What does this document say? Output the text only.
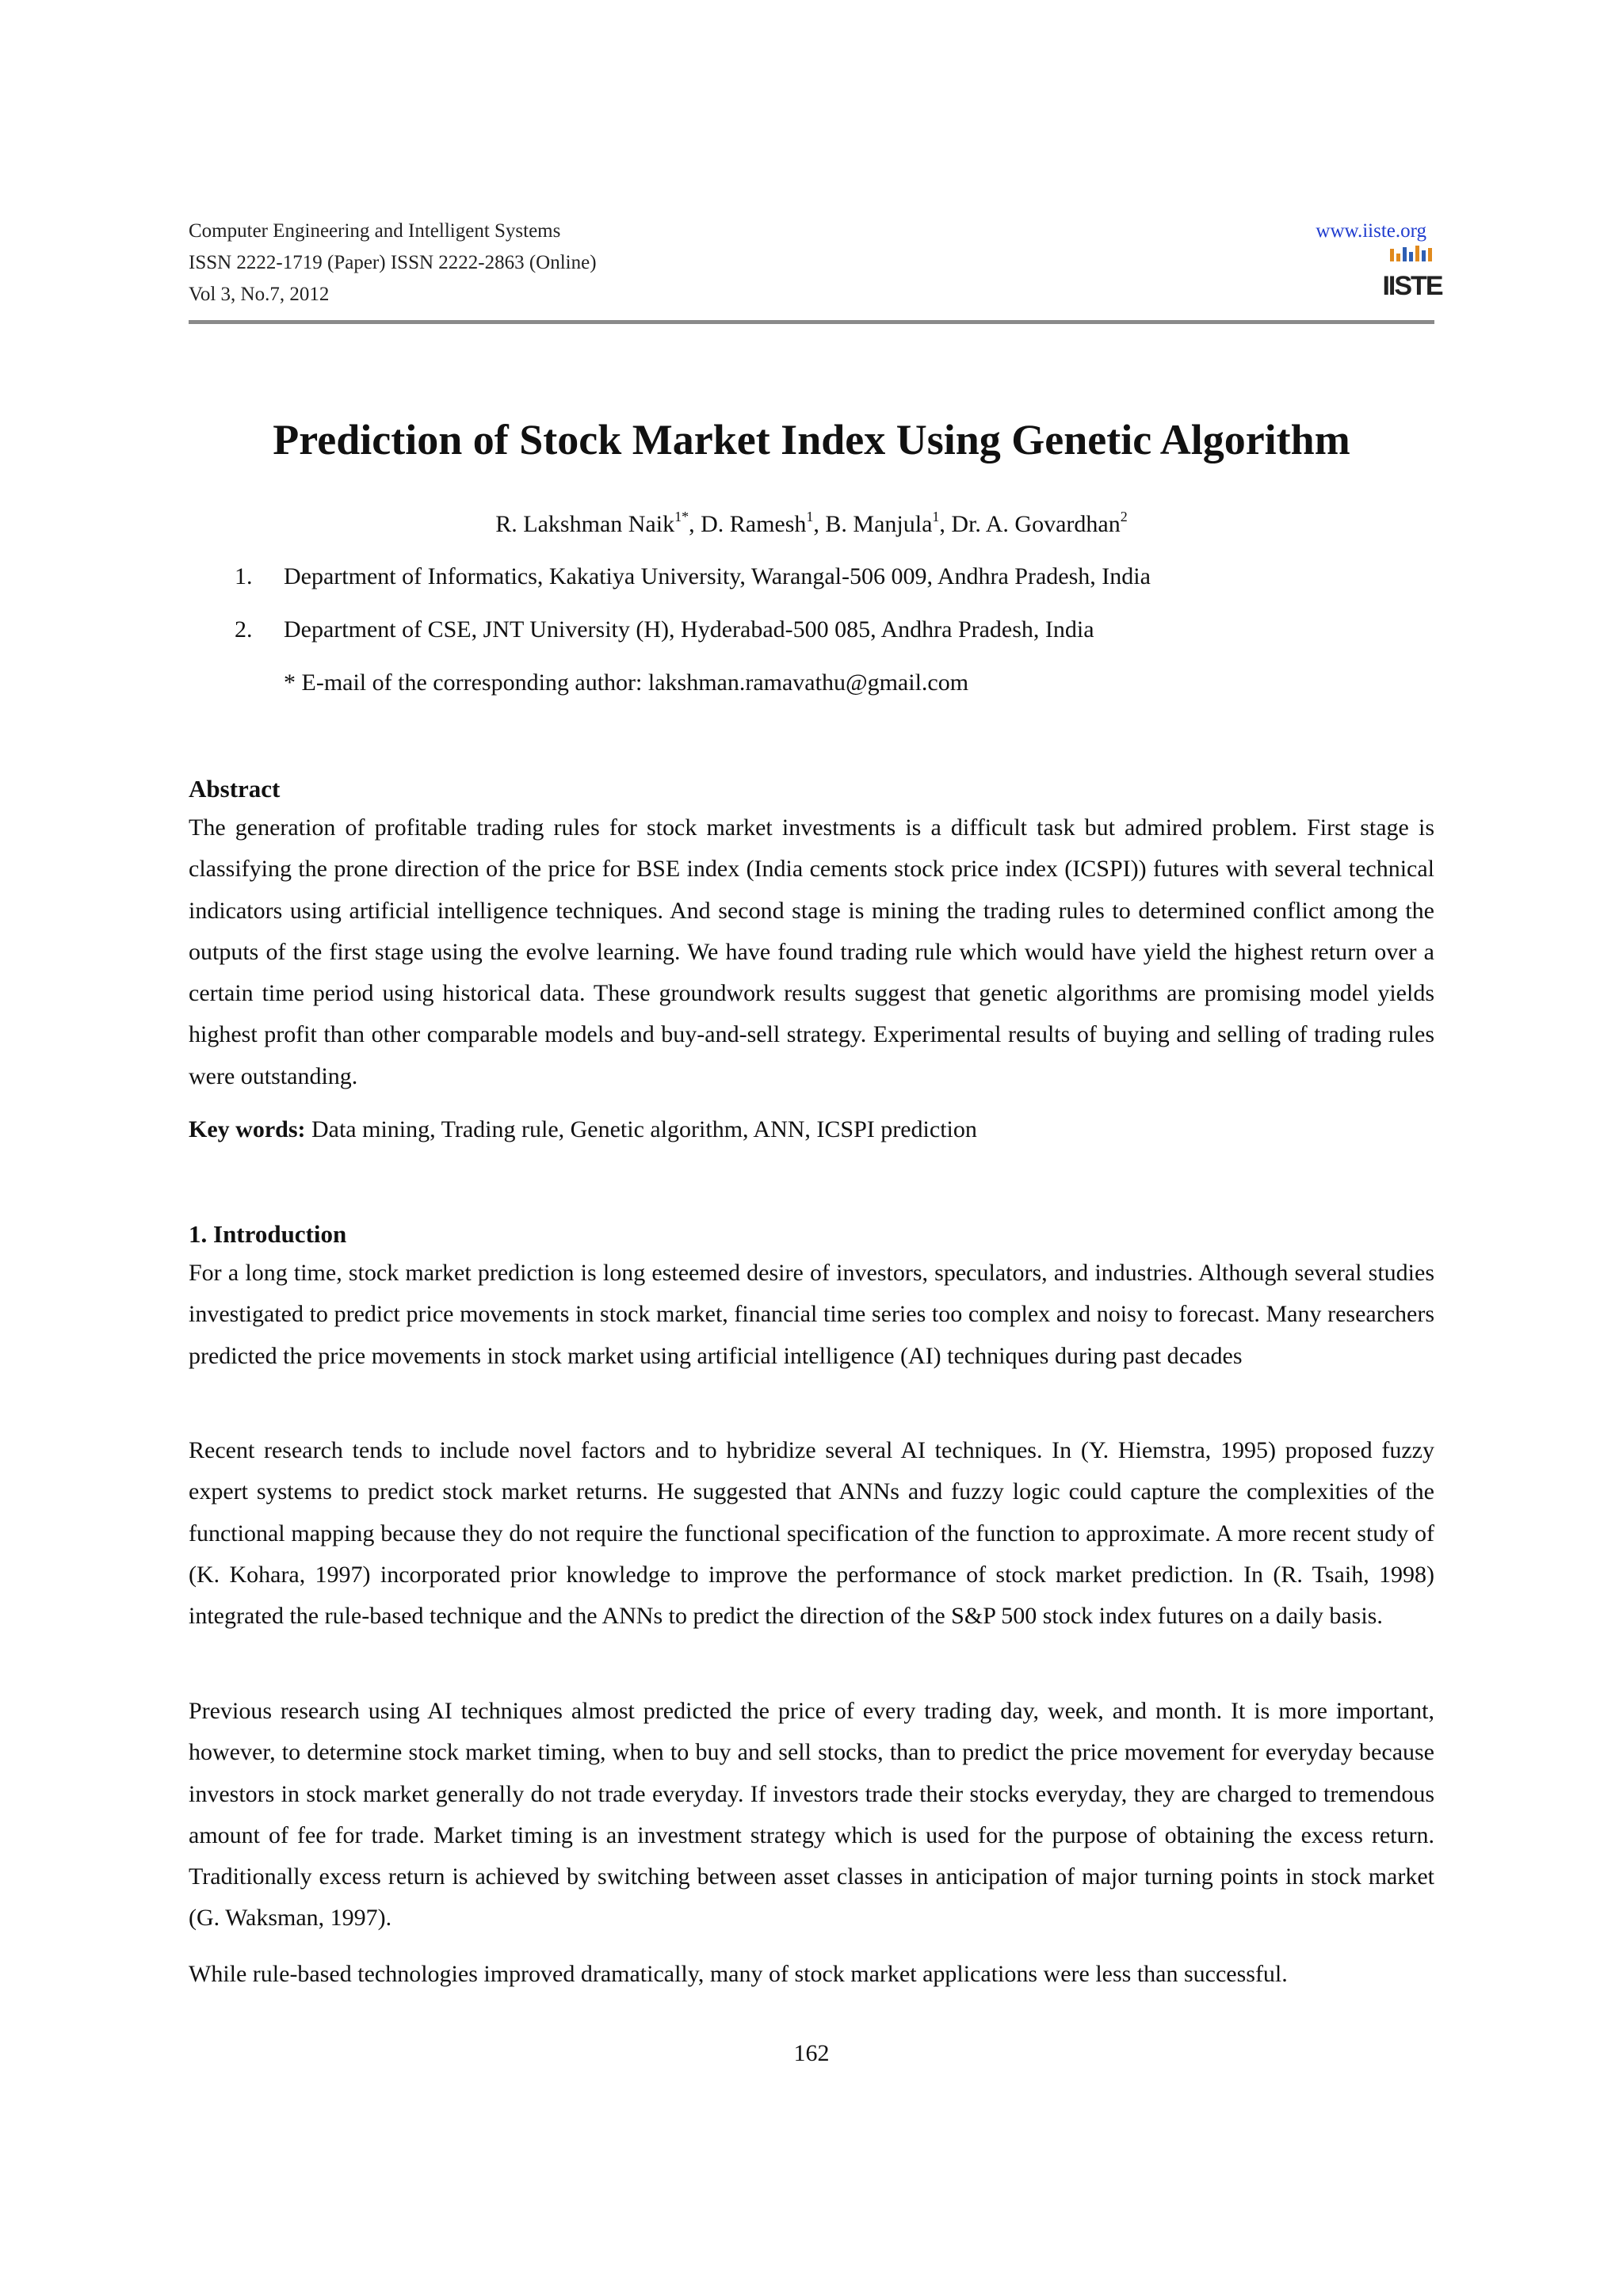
Computer Engineering and Intelligent Systems
ISSN 2222-1719 (Paper) ISSN 2222-2863 (Online)
Vol 3, No.7, 2012
www.iiste.org
IISTE
Prediction of Stock Market Index Using Genetic Algorithm
R. Lakshman Naik$^{1*}$, D. Ramesh$^1$, B. Manjula$^1$, Dr. A. Govardhan$^2$
1. Department of Informatics, Kakatiya University, Warangal-506 009, Andhra Pradesh, India
2. Department of CSE, JNT University (H), Hyderabad-500 085, Andhra Pradesh, India
* E-mail of the corresponding author: lakshman.ramavathu@gmail.com
Abstract

The generation of profitable trading rules for stock market investments is a difficult task but admired problem. First stage is classifying the prone direction of the price for BSE index (India cements stock price index (ICSPI)) futures with several technical indicators using artificial intelligence techniques. And second stage is mining the trading rules to determined conflict among the outputs of the first stage using the evolve learning. We have found trading rule which would have yield the highest return over a certain time period using historical data. These groundwork results suggest that genetic algorithms are promising model yields highest profit than other comparable models and buy-and-sell strategy. Experimental results of buying and selling of trading rules were outstanding.

Key words: Data mining, Trading rule, Genetic algorithm, ANN, ICSPI prediction
1. Introduction

For a long time, stock market prediction is long esteemed desire of investors, speculators, and industries. Although several studies investigated to predict price movements in stock market, financial time series too complex and noisy to forecast. Many researchers predicted the price movements in stock market using artificial intelligence (AI) techniques during past decades

Recent research tends to include novel factors and to hybridize several AI techniques. In (Y. Hiemstra, 1995) proposed fuzzy expert systems to predict stock market returns. He suggested that ANNs and fuzzy logic could capture the complexities of the functional mapping because they do not require the functional specification of the function to approximate. A more recent study of (K. Kohara, 1997) incorporated prior knowledge to improve the performance of stock market prediction. In (R. Tsaih, 1998) integrated the rule-based technique and the ANNs to predict the direction of the S&P 500 stock index futures on a daily basis.

Previous research using AI techniques almost predicted the price of every trading day, week, and month. It is more important, however, to determine stock market timing, when to buy and sell stocks, than to predict the price movement for everyday because investors in stock market generally do not trade everyday. If investors trade their stocks everyday, they are charged to tremendous amount of fee for trade. Market timing is an investment strategy which is used for the purpose of obtaining the excess return. Traditionally excess return is achieved by switching between asset classes in anticipation of major turning points in stock market (G. Waksman, 1997).

While rule-based technologies improved dramatically, many of stock market applications were less than successful.

162
